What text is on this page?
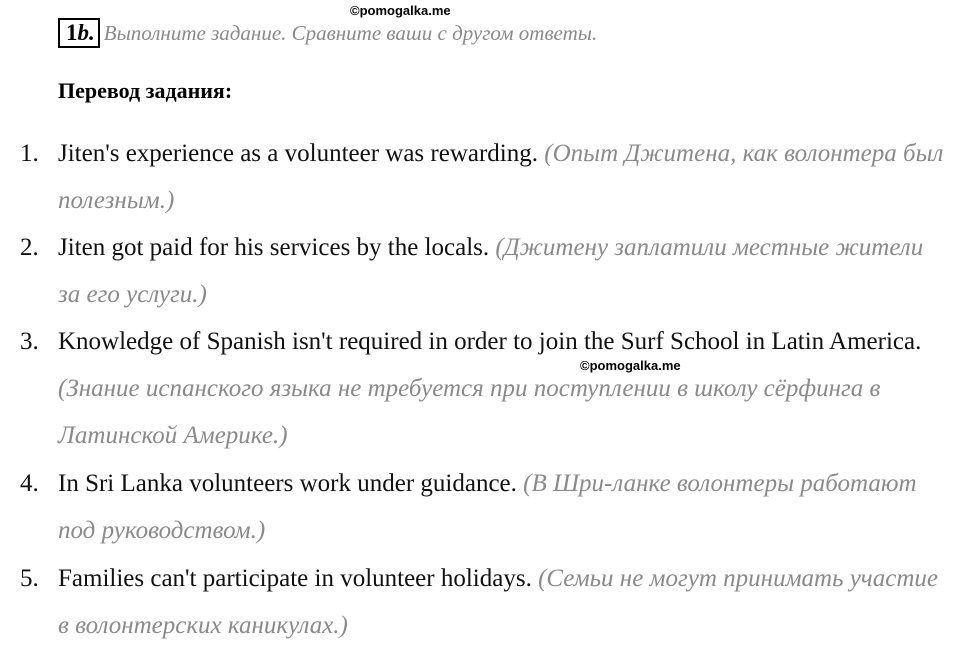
©pomogalka.me
©pomogalka.me
1b. Выполните задание. Сравните ваши с другом ответы.
Перевод задания:
1. Jiten's experience as a volunteer was rewarding. (Опыт Джитена, как волонтера был полезным.)
2. Jiten got paid for his services by the locals. (Джитену заплатили местные жители за его услуги.)
3. Knowledge of Spanish isn't required in order to join the Surf School in Latin America. (Знание испанского языка не требуется при поступлении в школу сёрфинга в Латинской Америке.)
4. In Sri Lanka volunteers work under guidance. (В Шри-ланке волонтеры работают под руководством.)
5. Families can't participate in volunteer holidays. (Семьи не могут принимать участие в волонтерских каникулах.)
